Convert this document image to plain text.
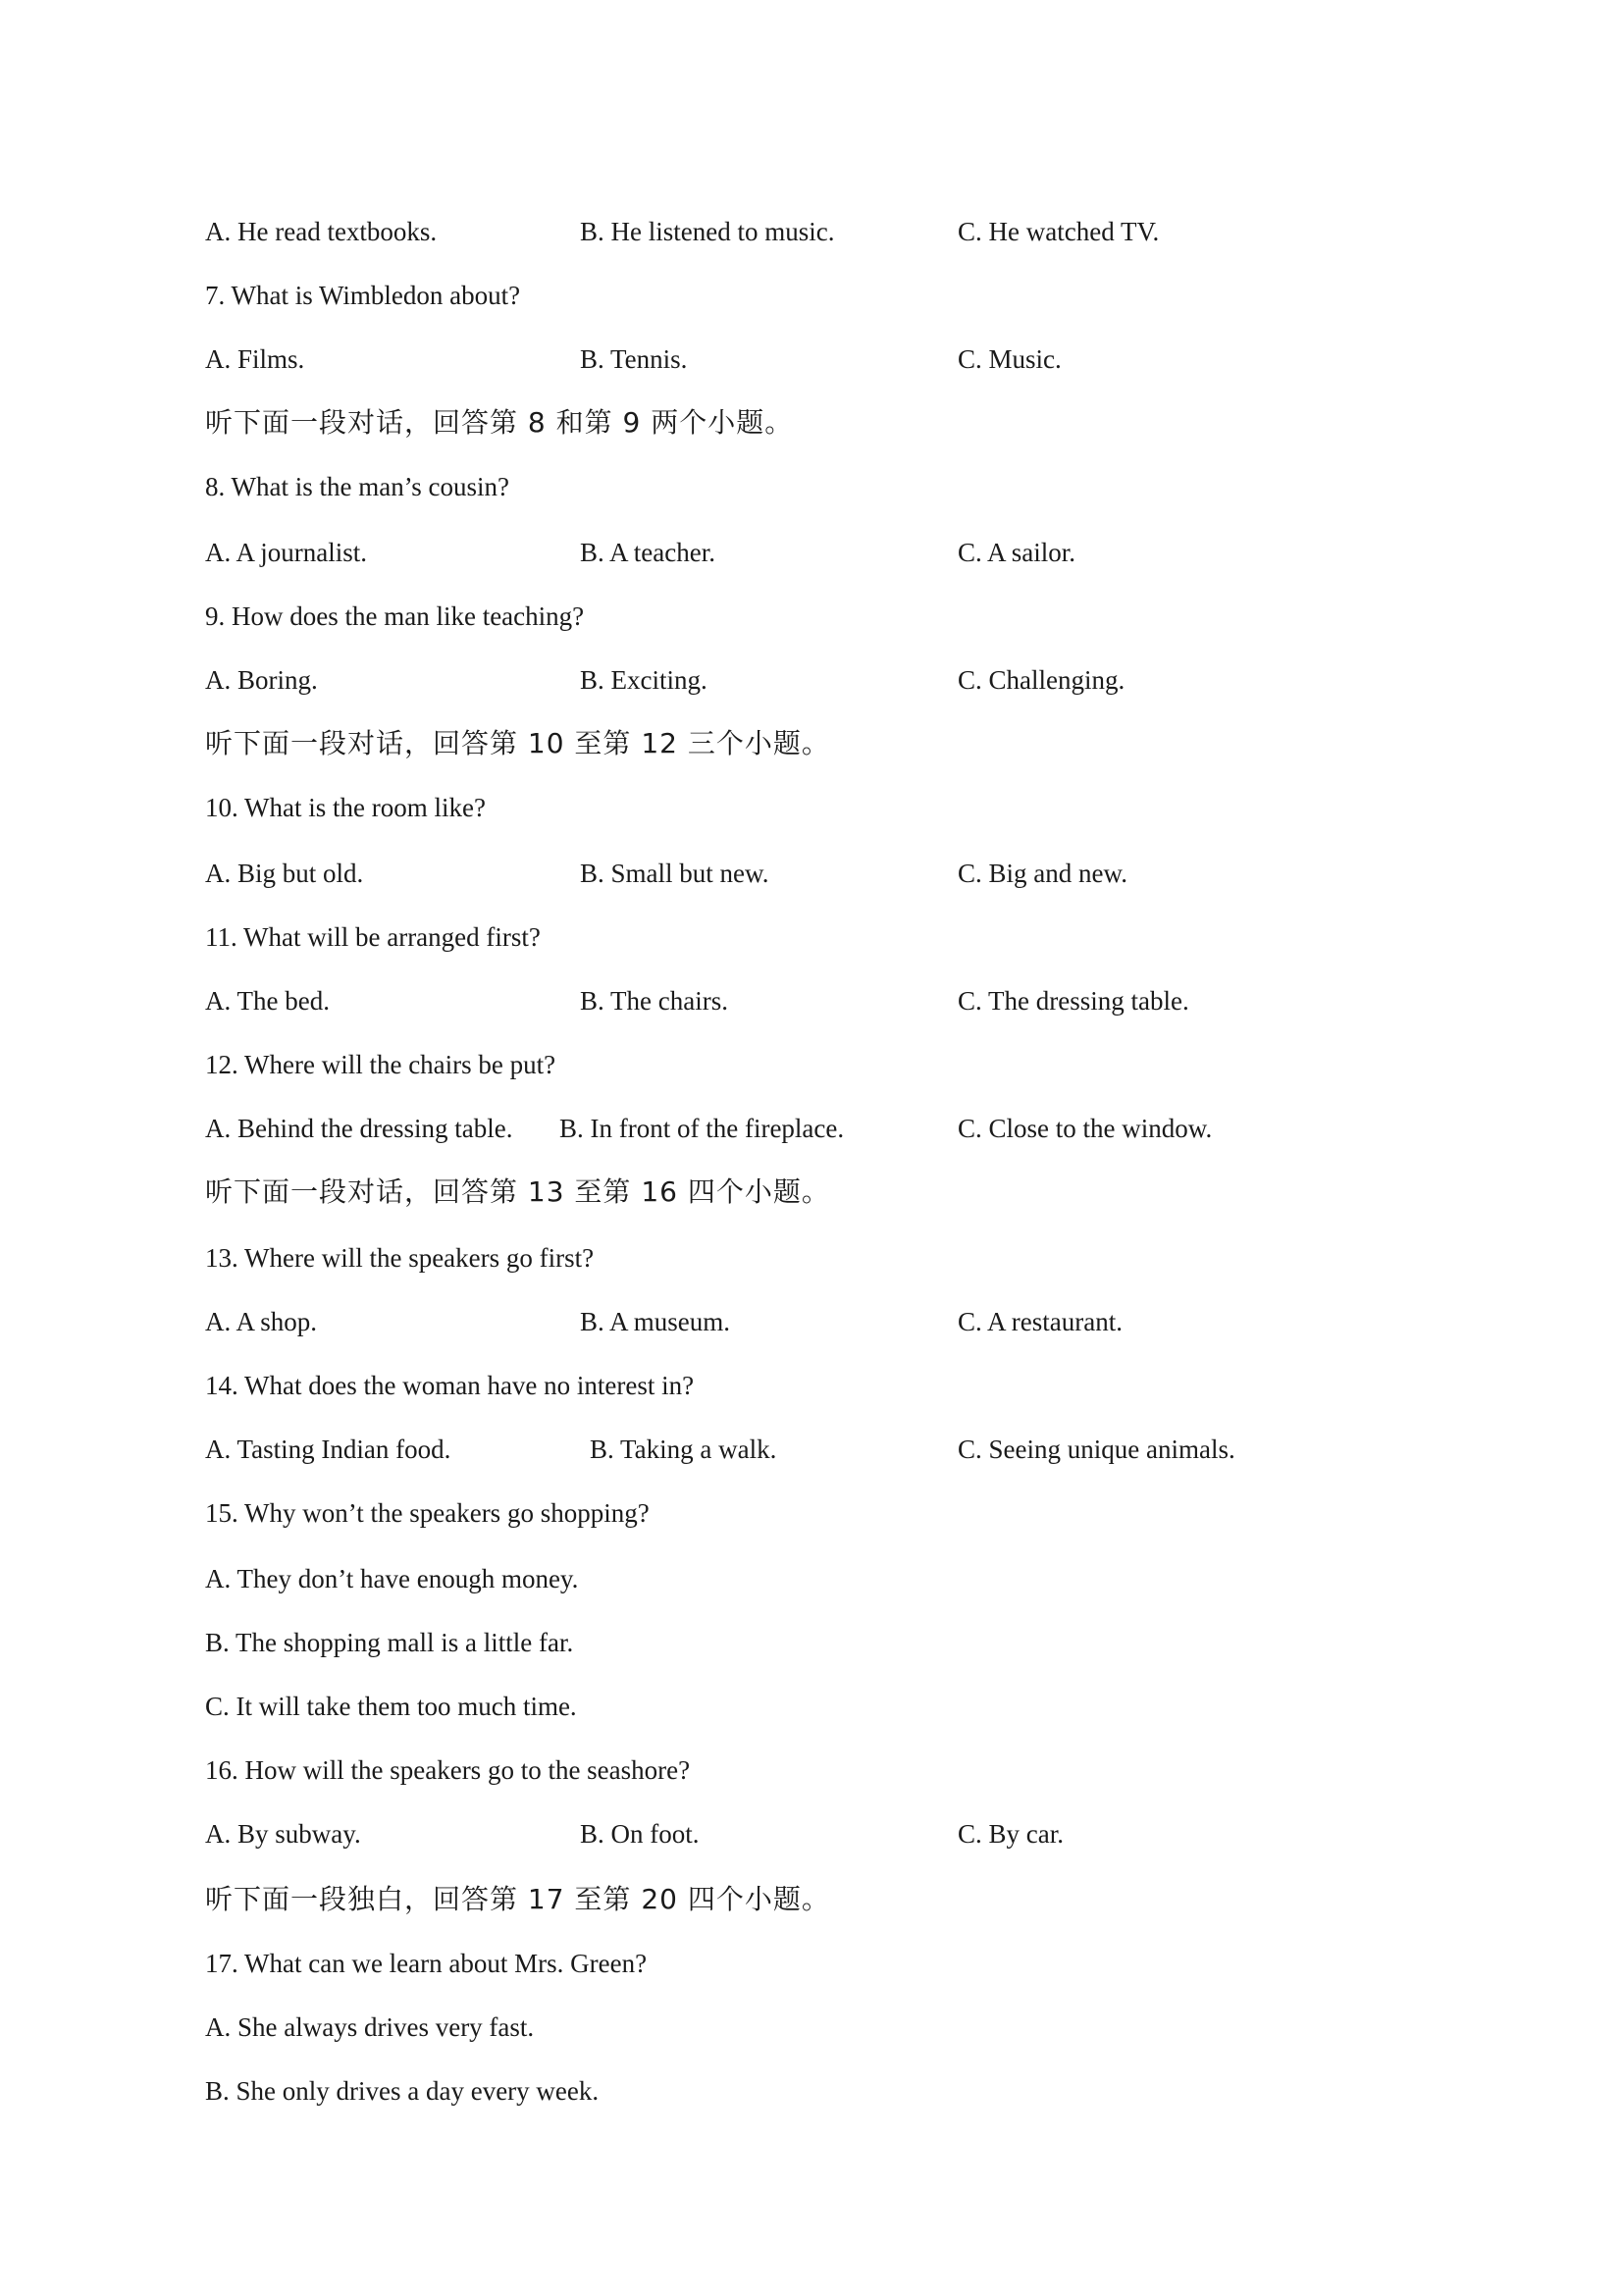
A. He read textbooks.	B. He listened to music.	C. He watched TV.
7. What is Wimbledon about?
A. Films.	B. Tennis.	C. Music.
听下面一段对话，回答第 8 和第 9 两个小题。
8. What is the man’s cousin?
A. A journalist.	B. A teacher.	C. A sailor.
9. How does the man like teaching?
A. Boring.	B. Exciting.	C. Challenging.
听下面一段对话，回答第 10 至第 12 三个小题。
10. What is the room like?
A. Big but old.	B. Small but new.	C. Big and new.
11. What will be arranged first?
A. The bed.	B. The chairs.	C. The dressing table.
12. Where will the chairs be put?
A. Behind the dressing table. B. In front of the fireplace.	C. Close to the window.
听下面一段对话，回答第 13 至第 16 四个小题。
13. Where will the speakers go first?
A. A shop.	B. A museum.	C. A restaurant.
14. What does the woman have no interest in?
A. Tasting Indian food.	B. Taking a walk.	C. Seeing unique animals.
15. Why won’t the speakers go shopping?
A. They don’t have enough money.
B. The shopping mall is a little far.
C. It will take them too much time.
16. How will the speakers go to the seashore?
A. By subway.	B. On foot.	C. By car.
听下面一段独白，回答第 17 至第 20 四个小题。
17. What can we learn about Mrs. Green?
A. She always drives very fast.
B. She only drives a day every week.
